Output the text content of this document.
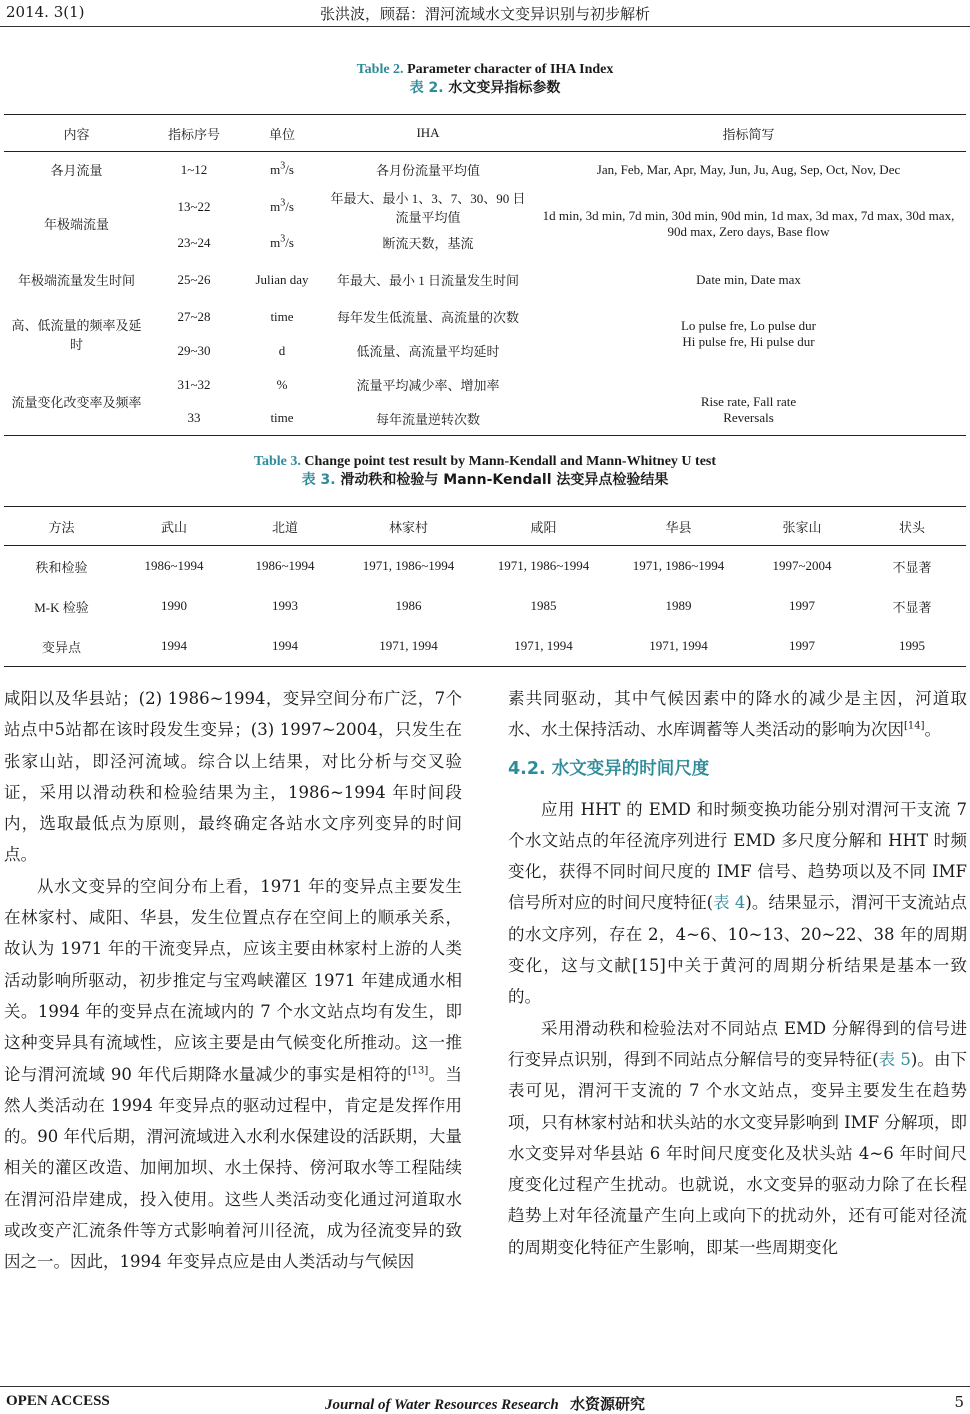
2014. 3(1)	张洪波，顾磊：渭河流域水文变异识别与初步解析
Table 2. Parameter character of IHA Index
表 2. 水文变异指标参数
内容	指标序号	单位	IHA	指标简写
各月流量	1~12	$m^3/s$	各月份流量平均值	Jan, Feb, Mar, Apr, May, Jun, Ju, Aug, Sep, Oct, Nov, Dec
年极端流量	13~22	$m^3/s$	年最大、最小 1、3、7、30、90 日流量平均值	1d min, 3d min, 7d min, 30d min, 90d min, 1d max, 3d max, 7d max, 30d max, 90d max, Zero days, Base flow
	23~24	$m^3/s$	断流天数，基流	
年极端流量发生时间	25~26	Julian day	年最大、最小 1 日流量发生时间	Date min, Date max
高、低流量的频率及延时	27~28	time	每年发生低流量、高流量的次数	Lo pulse fre, Lo pulse dur
Hi pulse fre, Hi pulse dur

	29~30	d	低流量、高流量平均延时	
流量变化改变率及频率	31~32	%	流量平均减少率、增加率	Rise rate, Fall rate
Reversals

	33	time	每年流量逆转次数	
Table 3. Change point test result by Mann-Kendall and Mann-Whitney U test
表 3. 滑动秩和检验与 Mann-Kendall 法变异点检验结果
方法	武山	北道	林家村	咸阳	华县	张家山	状头
秩和检验	1986~1994	1986~1994	1971, 1986~1994	1971, 1986~1994	1971, 1986~1994	1997~2004	不显著
M-K 检验	1990	1993	1986	1985	1989	1997	不显著
变异点	1994	1994	1971, 1994	1971, 1994	1971, 1994	1997	1995

咸阳以及华县站；(2) 1986~1994，变异空间分布广泛，7个站点中5站都在该时段发生变异；(3) 1997~2004，只发生在张家山站，即泾河流域。综合以上结果，对比分析与交叉验证，采用以滑动秩和检验结果为主，1986~1994 年时间段内，选取最低点为原则，最终确定各站水文序列变异的时间点。

从水文变异的空间分布上看，1971 年的变异点主要发生在林家村、咸阳、华县，发生位置点存在空间上的顺承关系，故认为 1971 年的干流变异点，应该主要由林家村上游的人类活动影响所驱动，初步推定与宝鸡峡灌区 1971 年建成通水相关。1994 年的变异点在流域内的 7 个水文站点均有发生，即这种变异具有流域性，应该主要是由气候变化所推动。这一推论与渭河流域 90 年代后期降水量减少的事实是相符的[13]。当然人类活动在 1994 年变异点的驱动过程中，肯定是发挥作用的。90 年代后期，渭河流域进入水利水保建设的活跃期，大量相关的灌区改造、加闸加坝、水土保持、傍河取水等工程陆续在渭河沿岸建成，投入使用。这些人类活动变化通过河道取水或改变产汇流条件等方式影响着河川径流，成为径流变异的致因之一。因此，1994 年变异点应是由人类活动与气候因

素共同驱动，其中气候因素中的降水的减少是主因，河道取水、水土保持活动、水库调蓄等人类活动的影响为次因[14]。

4.2. 水文变异的时间尺度

应用 HHT 的 EMD 和时频变换功能分别对渭河干支流 7 个水文站点的年径流序列进行 EMD 多尺度分解和 HHT 时频变化，获得不同时间尺度的 IMF 信号、趋势项以及不同 IMF 信号所对应的时间尺度特征(表 4)。结果显示，渭河干支流站点的水文序列，存在 2，4~6、10~13、20~22、38 年的周期变化，这与文献[15]中关于黄河的周期分析结果是基本一致的。

采用滑动秩和检验法对不同站点 EMD 分解得到的信号进行变异点识别，得到不同站点分解信号的变异特征(表 5)。由下表可见，渭河干支流的 7 个水文站点，变异主要发生在趋势项，只有林家村站和状头站的水文变异影响到 IMF 分解项，即水文变异对华县站 6 年时间尺度变化及状头站 4~6 年时间尺度变化过程产生扰动。也就说，水文变异的驱动力除了在长程趋势上对年径流量产生向上或向下的扰动外，还有可能对径流的周期变化特征产生影响，即某一些周期变化

OPEN ACCESS	Journal of Water Resources Research 水资源研究	5
